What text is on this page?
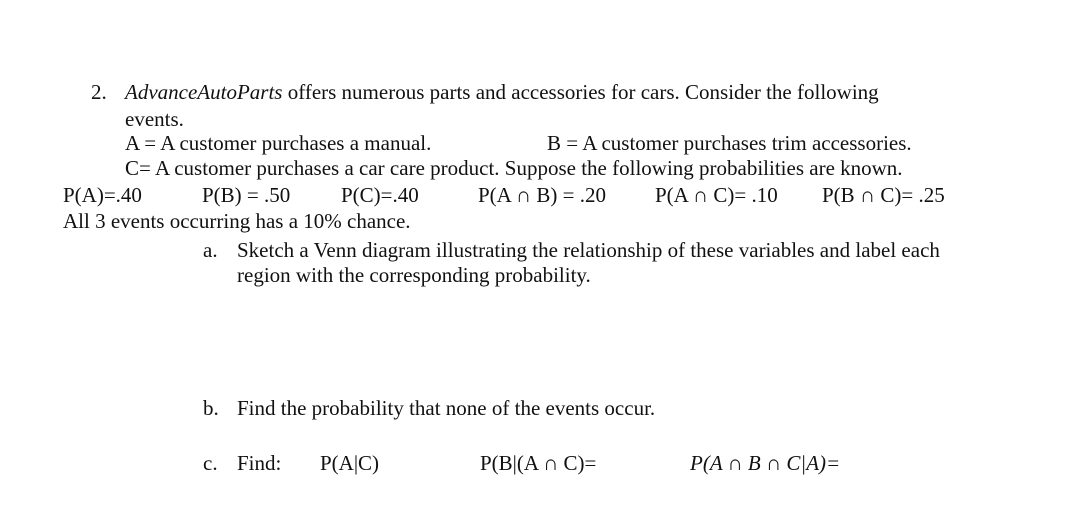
2. AdvanceAutoParts offers numerous parts and accessories for cars. Consider the following
events.
A = A customer purchases a manual.	B = A customer purchases trim accessories.
C= A customer purchases a car care product. Suppose the following probabilities are known.
P(A)=.40	P(B) = .50 P(C)=.40	P(A ∩ B) = .20 P(A ∩ C)= .10 P(B ∩ C)= .25
All 3 events occurring has a 10% chance.
a. Sketch a Venn diagram illustrating the relationship of these variables and label each
region with the corresponding probability.
b. Find the probability that none of the events occur.
c. Find: P(A|C)	P(B|(A ∩ C)=	P(A ∩ B ∩ C|A)=
